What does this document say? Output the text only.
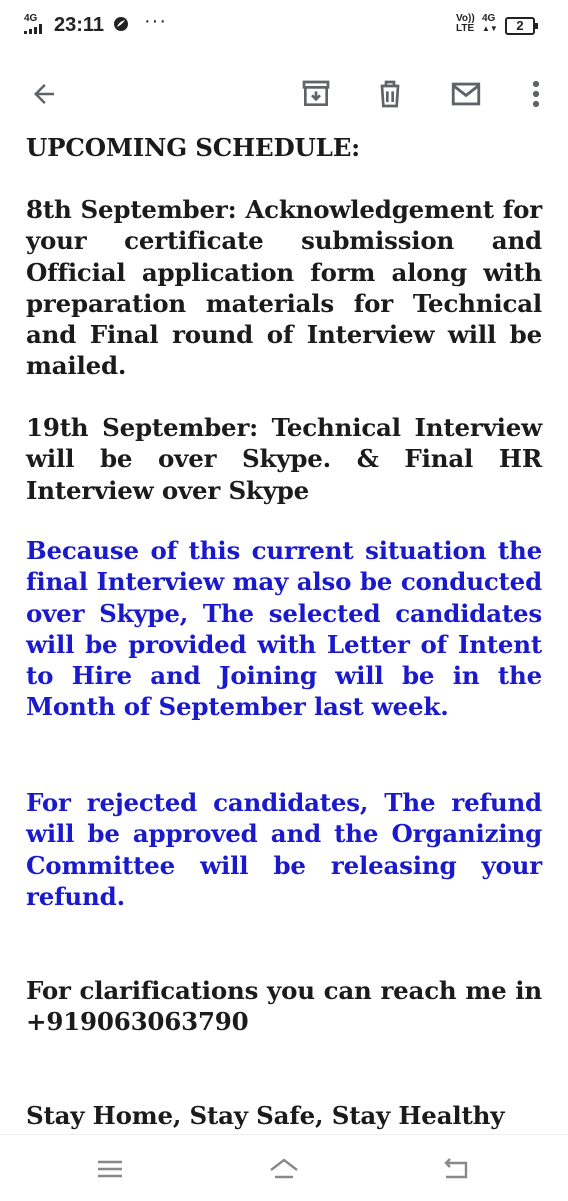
4G 23:11 ···	Vo))
LTE
4G
▲▼	2
UPCOMING SCHEDULE:
8th September: Acknowledgement for your certificate submission and Official application form along with preparation materials for Technical and Final round of Interview will be mailed.
19th September: Technical Interview will be over Skype. & Final HR Interview over Skype
Because of this current situation the final Interview may also be conducted over Skype, The selected candidates will be provided with Letter of Intent to Hire and Joining will be in the Month of September last week.
For rejected candidates, The refund will be approved and the Organizing Committee will be releasing your refund.
For clarifications you can reach me in +919063063790
Stay Home, Stay Safe, Stay Healthy
